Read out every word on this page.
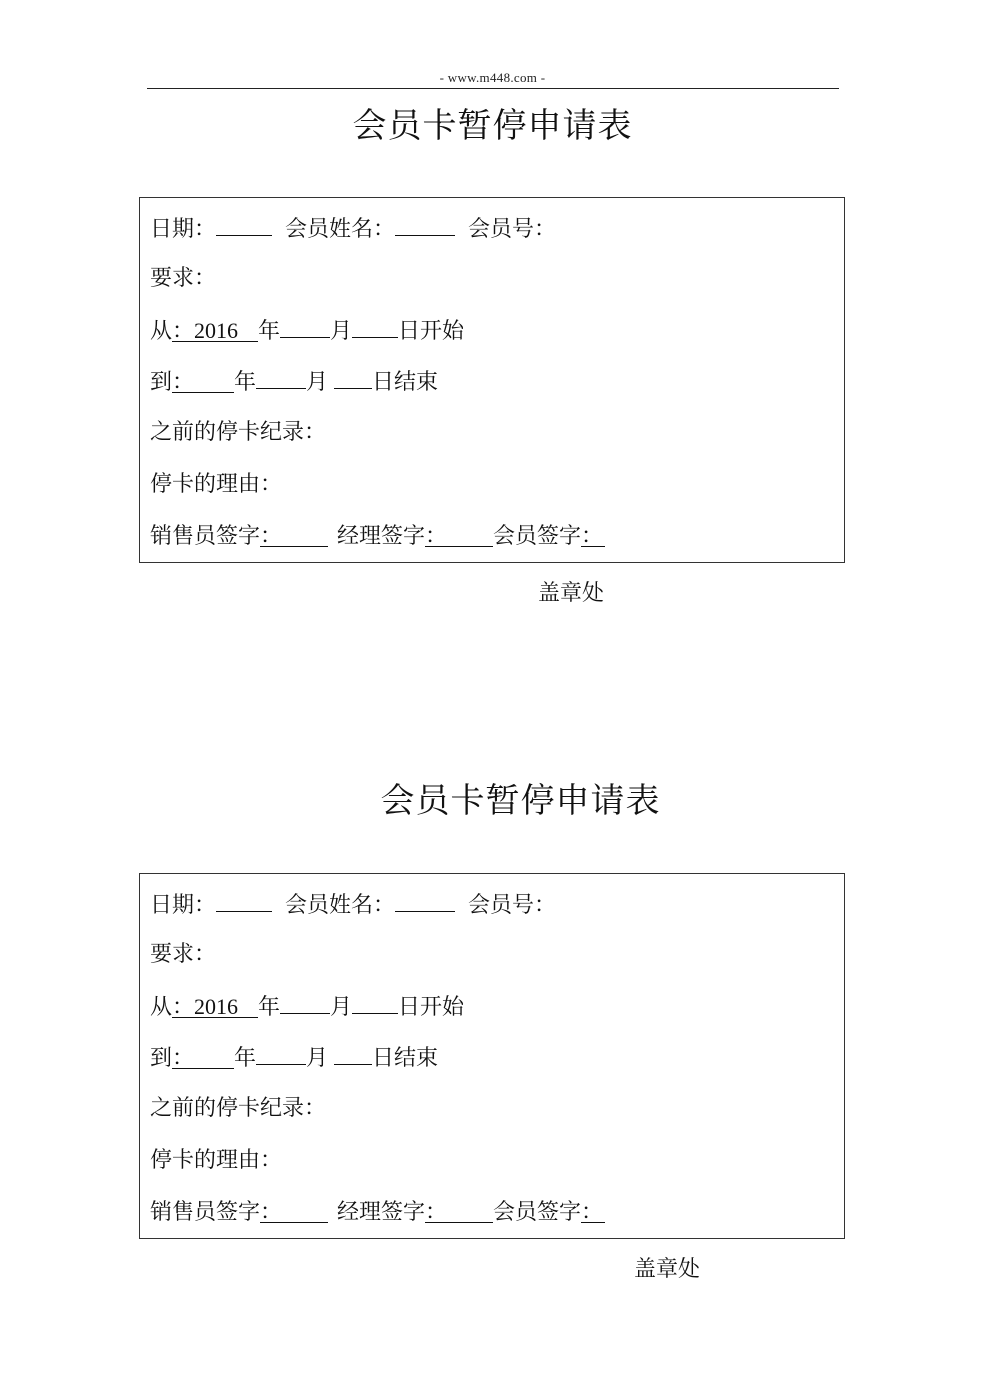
- www.m448.com -
会员卡暂停申请表
日期：	会员姓名：	会员号：
要求：
从：2016 年 月 日开始
到： 年 月 日结束
之前的停卡纪录：
停卡的理由：
销售员签字： 经理签字： 会员签字：
盖章处
会员卡暂停申请表
日期：	会员姓名：	会员号：
要求：
从：2016 年 月 日开始
到： 年 月 日结束
之前的停卡纪录：
停卡的理由：
销售员签字： 经理签字： 会员签字：
盖章处
